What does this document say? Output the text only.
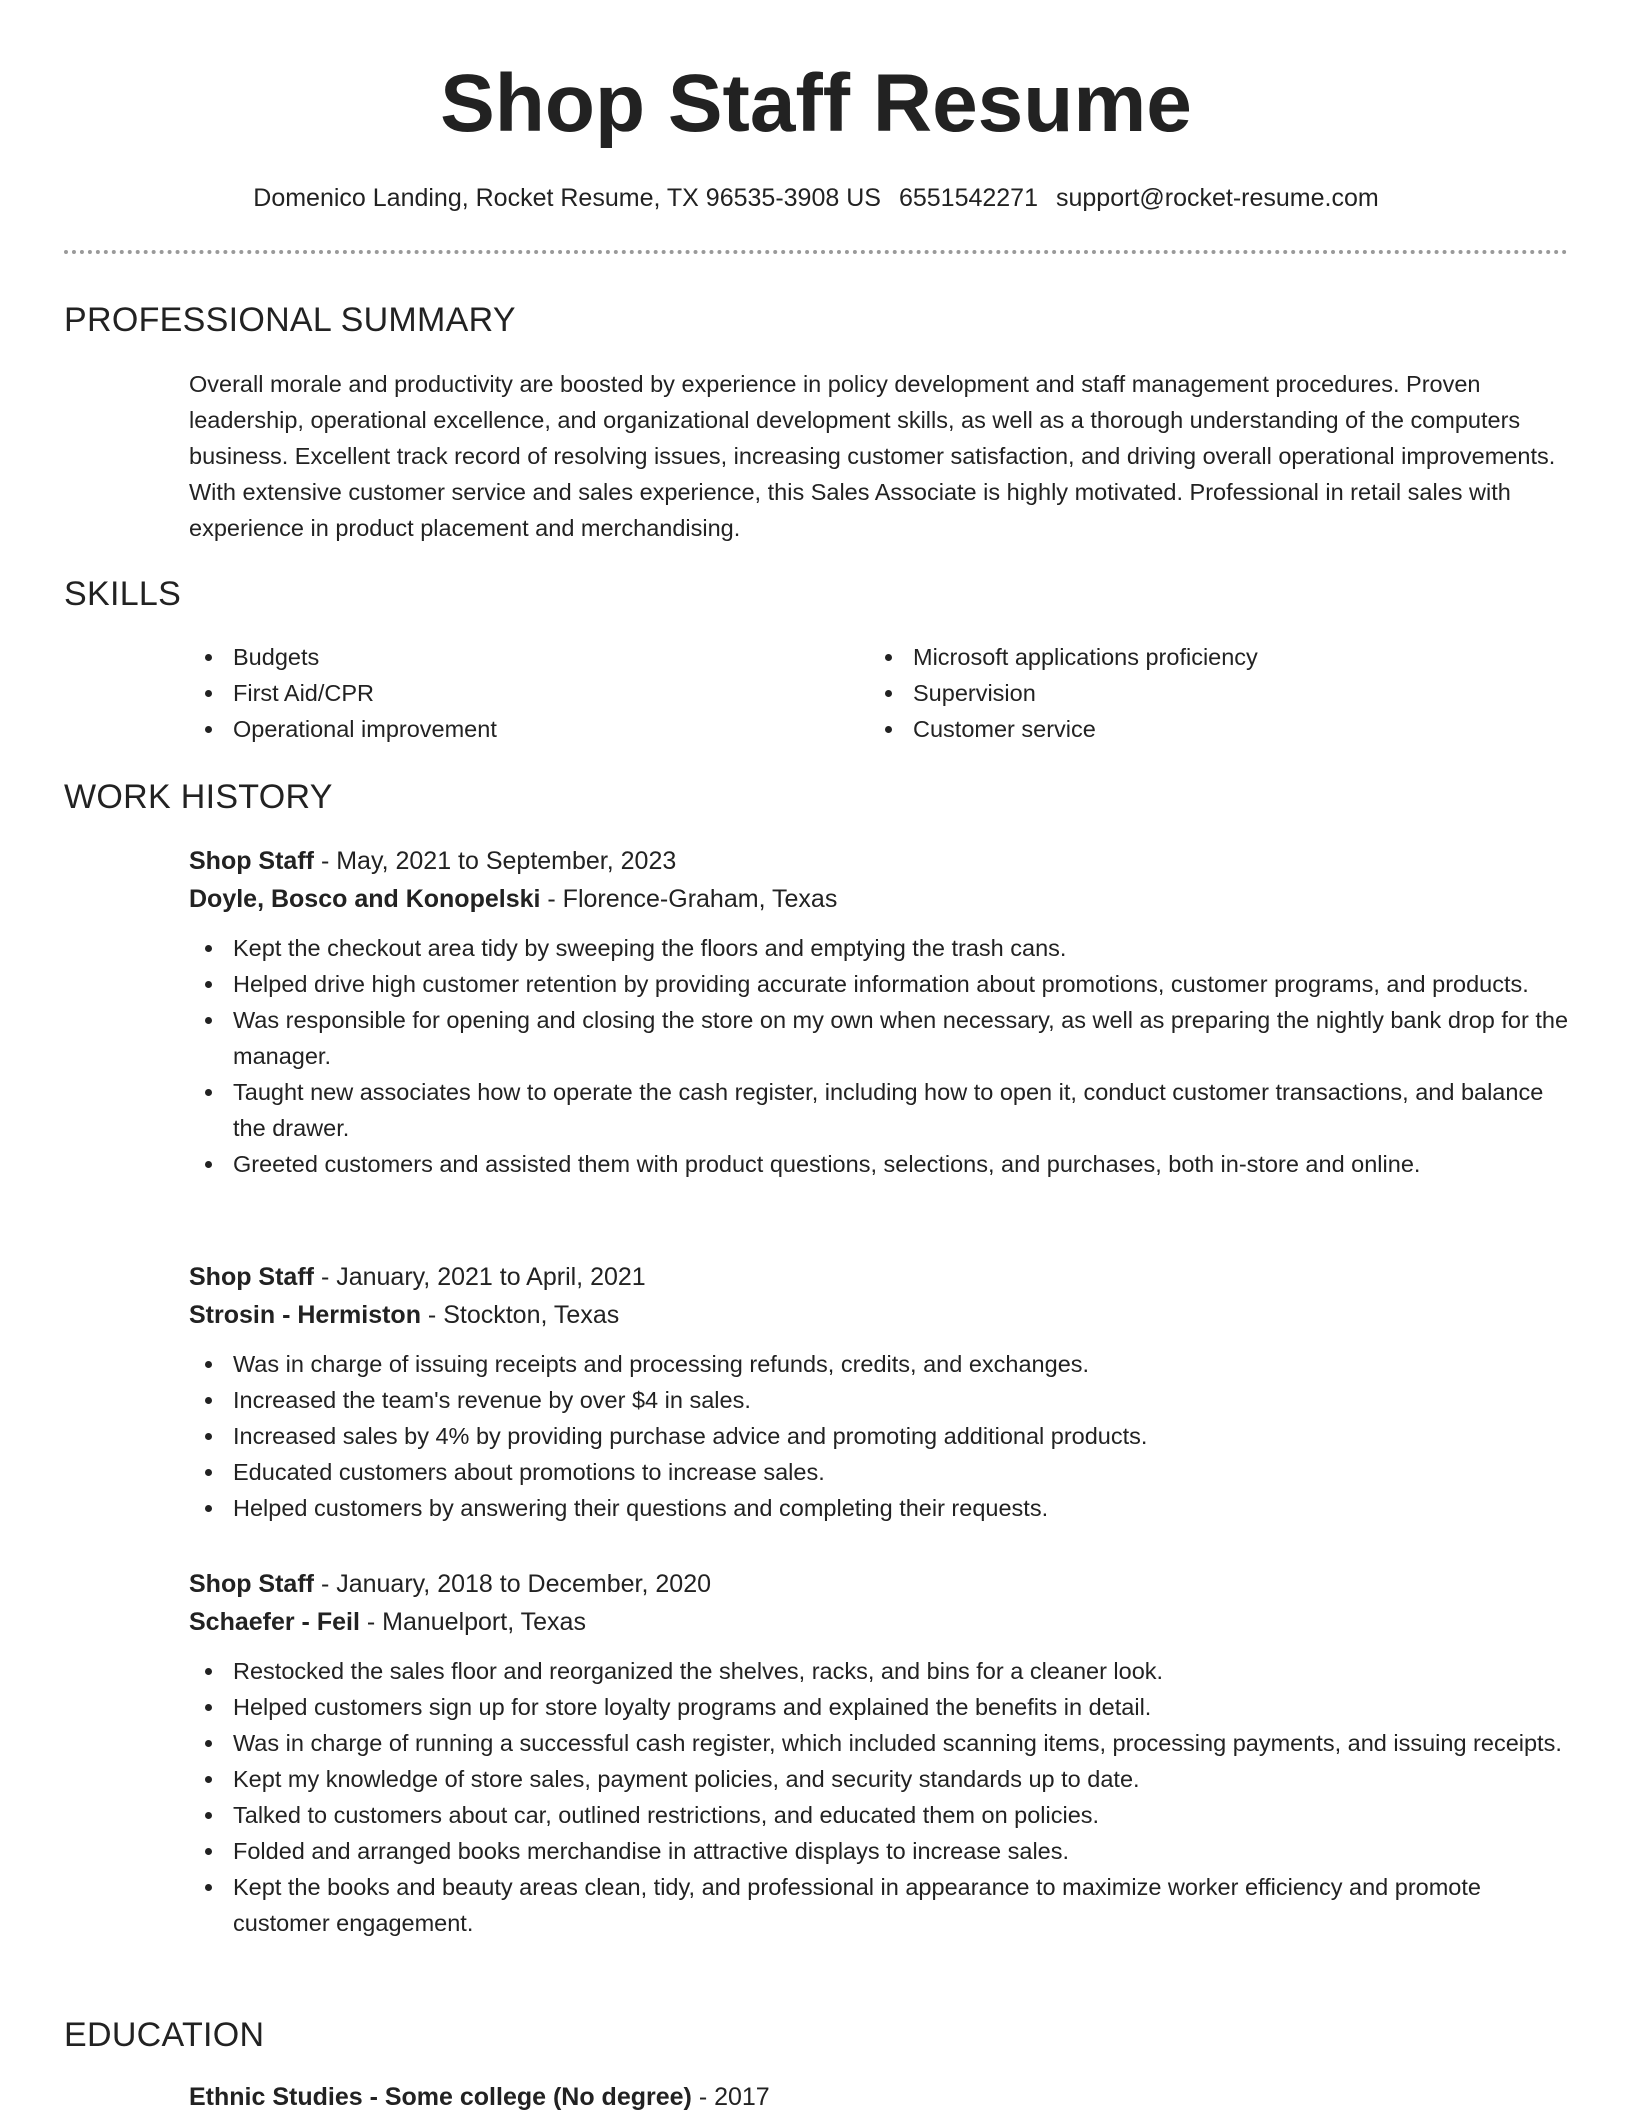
Shop Staff Resume
Domenico Landing, Rocket Resume, TX 96535-3908 US 6551542271 support@rocket-resume.com
PROFESSIONAL SUMMARY

Overall morale and productivity are boosted by experience in policy development and staff management procedures. Proven leadership, operational excellence, and organizational development skills, as well as a thorough understanding of the computers business. Excellent track record of resolving issues, increasing customer satisfaction, and driving overall operational improvements. With extensive customer service and sales experience, this Sales Associate is highly motivated. Professional in retail sales with experience in product placement and merchandising.

SKILLS
Budgets
First Aid/CPR
Operational improvement
Microsoft applications proficiency
Supervision
Customer service
WORK HISTORY

Shop Staff - May, 2021 to September, 2023

Doyle, Bosco and Konopelski - Florence-Graham, Texas

Kept the checkout area tidy by sweeping the floors and emptying the trash cans.
Helped drive high customer retention by providing accurate information about promotions, customer programs, and products.
Was responsible for opening and closing the store on my own when necessary, as well as preparing the nightly bank drop for the manager.
Taught new associates how to operate the cash register, including how to open it, conduct customer transactions, and balance the drawer.
Greeted customers and assisted them with product questions, selections, and purchases, both in-store and online.

Shop Staff - January, 2021 to April, 2021

Strosin - Hermiston - Stockton, Texas

Was in charge of issuing receipts and processing refunds, credits, and exchanges.
Increased the team's revenue by over $4 in sales.
Increased sales by 4% by providing purchase advice and promoting additional products.
Educated customers about promotions to increase sales.
Helped customers by answering their questions and completing their requests.

Shop Staff - January, 2018 to December, 2020

Schaefer - Feil - Manuelport, Texas

Restocked the sales floor and reorganized the shelves, racks, and bins for a cleaner look.
Helped customers sign up for store loyalty programs and explained the benefits in detail.
Was in charge of running a successful cash register, which included scanning items, processing payments, and issuing receipts.
Kept my knowledge of store sales, payment policies, and security standards up to date.
Talked to customers about car, outlined restrictions, and educated them on policies.
Folded and arranged books merchandise in attractive displays to increase sales.
Kept the books and beauty areas clean, tidy, and professional in appearance to maximize worker efficiency and promote customer engagement.
EDUCATION

Ethnic Studies - Some college (No degree) - 2017
